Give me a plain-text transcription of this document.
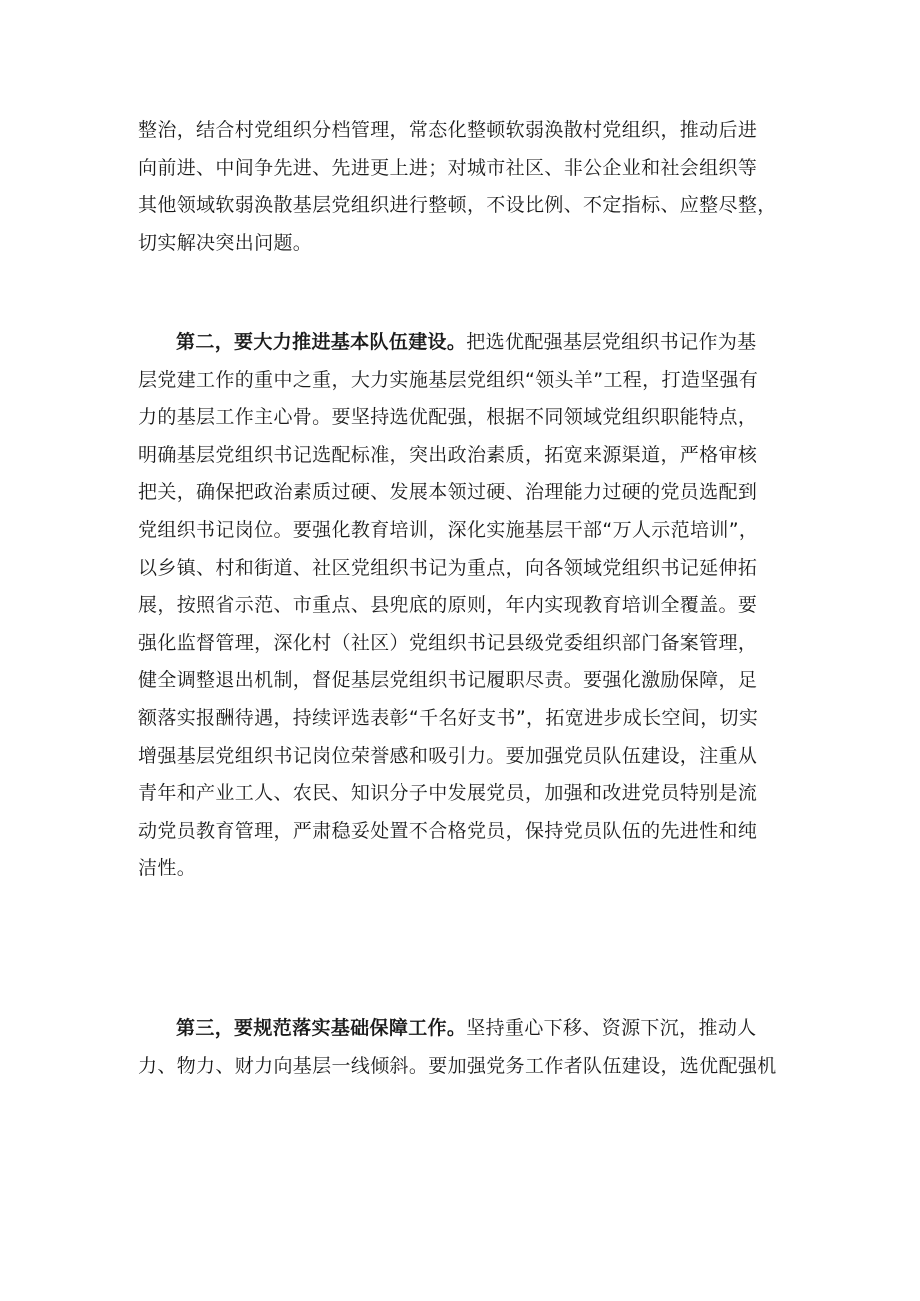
整治，结合村党组织分档管理，常态化整顿软弱涣散村党组织，推动后进
向前进、中间争先进、先进更上进；对城市社区、非公企业和社会组织等
其他领域软弱涣散基层党组织进行整顿，不设比例、不定指标、应整尽整，
切实解决突出问题。
第二，要大力推进基本队伍建设。把选优配强基层党组织书记作为基
层党建工作的重中之重，大力实施基层党组织“领头羊”工程，打造坚强有
力的基层工作主心骨。要坚持选优配强，根据不同领域党组织职能特点，
明确基层党组织书记选配标准，突出政治素质，拓宽来源渠道，严格审核
把关，确保把政治素质过硬、发展本领过硬、治理能力过硬的党员选配到
党组织书记岗位。要强化教育培训，深化实施基层干部“万人示范培训”，
以乡镇、村和街道、社区党组织书记为重点，向各领域党组织书记延伸拓
展，按照省示范、市重点、县兜底的原则，年内实现教育培训全覆盖。要
强化监督管理，深化村（社区）党组织书记县级党委组织部门备案管理，
健全调整退出机制，督促基层党组织书记履职尽责。要强化激励保障，足
额落实报酬待遇，持续评选表彰“千名好支书”，拓宽进步成长空间，切实
增强基层党组织书记岗位荣誉感和吸引力。要加强党员队伍建设，注重从
青年和产业工人、农民、知识分子中发展党员，加强和改进党员特别是流
动党员教育管理，严肃稳妥处置不合格党员，保持党员队伍的先进性和纯
洁性。
第三，要规范落实基础保障工作。坚持重心下移、资源下沉，推动人
力、物力、财力向基层一线倾斜。要加强党务工作者队伍建设，选优配强机
